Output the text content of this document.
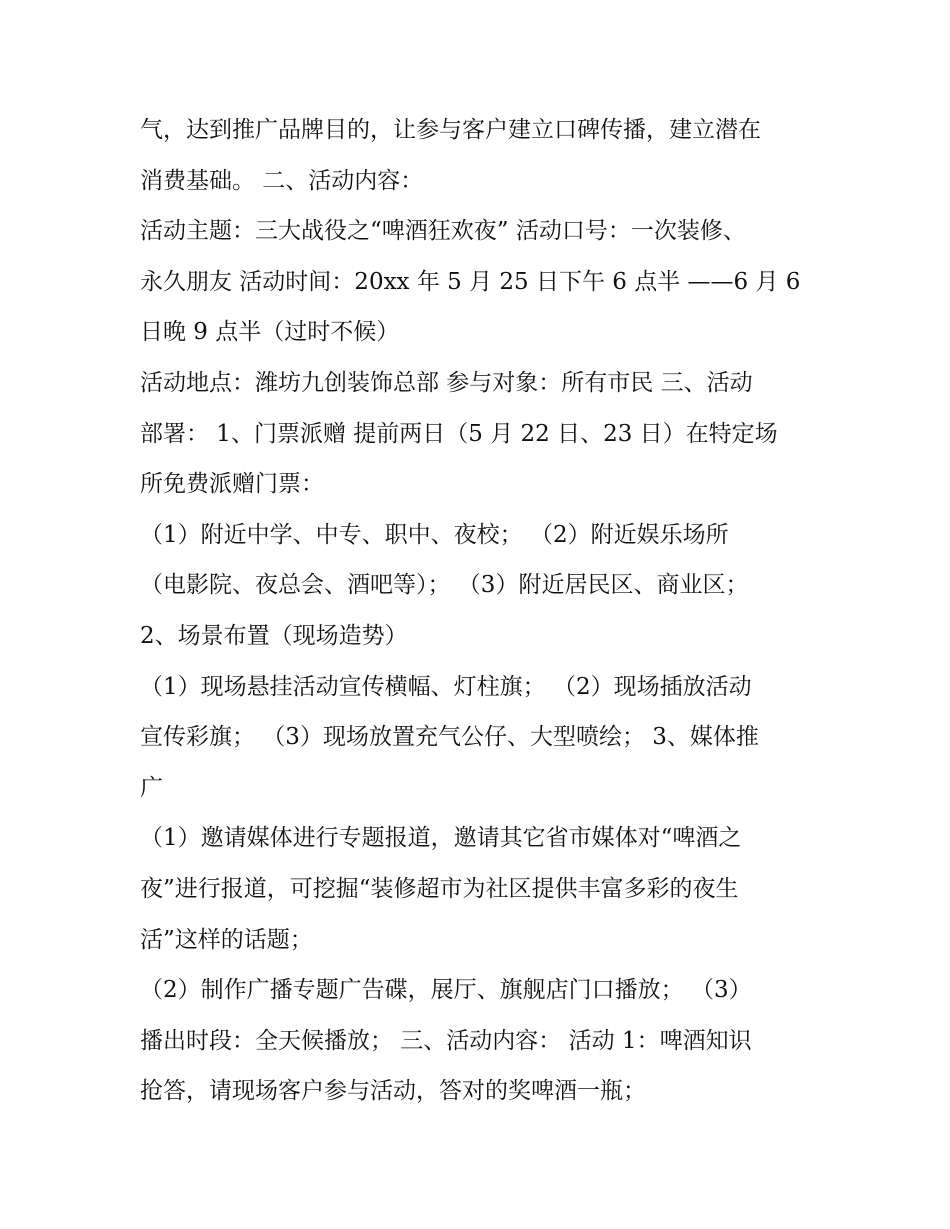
气，达到推广品牌目的，让参与客户建立口碑传播，建立潜在
消费基础。 二、活动内容：
活动主题：三大战役之“啤酒狂欢夜” 活动口号：一次装修、
永久朋友 活动时间：20xx 年 5 月 25 日下午 6 点半 ——6 月 6
日晚 9 点半（过时不候）
活动地点：潍坊九创装饰总部 参与对象：所有市民 三、活动
部署： 1、门票派赠 提前两日（5 月 22 日、23 日）在特定场
所免费派赠门票：
（1）附近中学、中专、职中、夜校； （2）附近娱乐场所
（电影院、夜总会、酒吧等）； （3）附近居民区、商业区；
2、场景布置（现场造势）
（1）现场悬挂活动宣传横幅、灯柱旗； （2）现场插放活动
宣传彩旗； （3）现场放置充气公仔、大型喷绘； 3、媒体推
广
（1）邀请媒体进行专题报道，邀请其它省市媒体对“啤酒之
夜”进行报道，可挖掘“装修超市为社区提供丰富多彩的夜生
活”这样的话题；
（2）制作广播专题广告碟，展厅、旗舰店门口播放； （3）
播出时段：全天候播放； 三、活动内容： 活动 1：啤酒知识
抢答，请现场客户参与活动，答对的奖啤酒一瓶；
